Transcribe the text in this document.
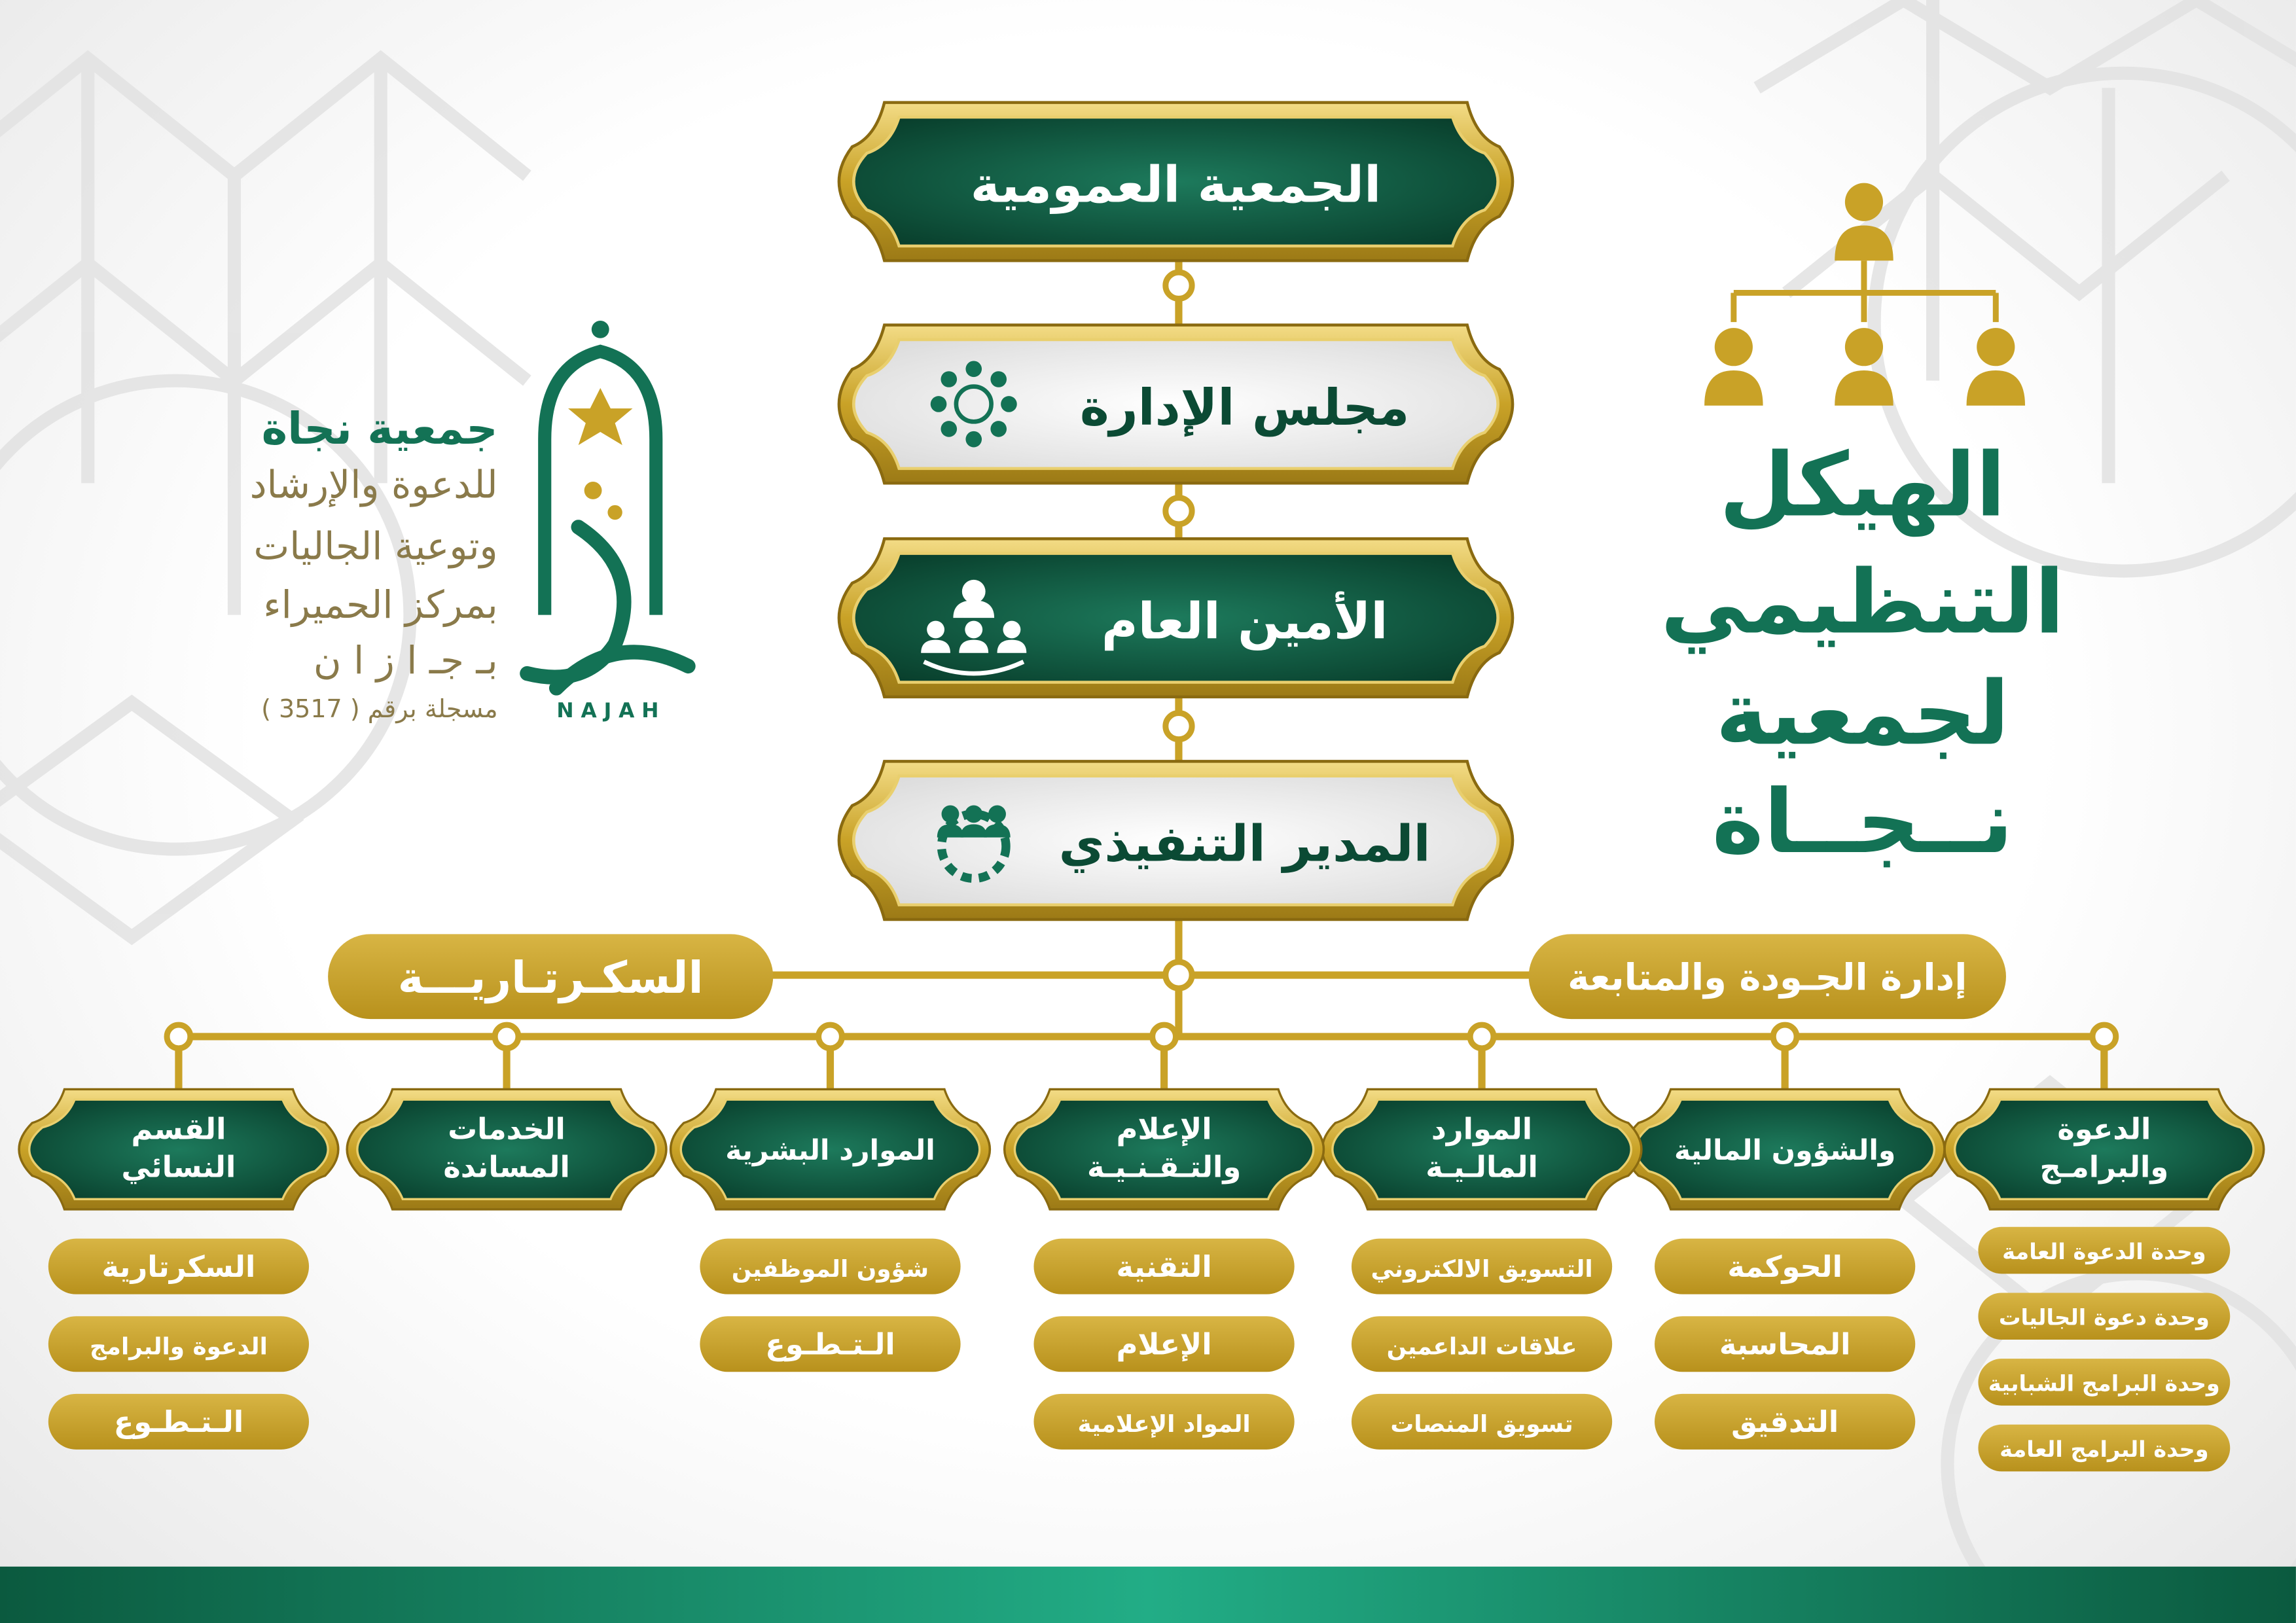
الجمعية العمومية
مجلس الإدارة
الأمين العام
المدير التنفيذي
السكـرتـاريـــة	إدارة الجـودة والمتابعة
الدعوة
والبرامـج
وحدة الدعوة العامة
وحدة دعوة الجاليات
وحدة البرامج الشبابية
وحدة البرامج العامة
والشؤون المالية
الحوكمة
المحاسبة
التدقيق
الموارد
المالـيـة
التسويق الالكتروني
علاقات الداعمين
تسويق المنصات
الإعلام
والتـقـنـيـة
التقنية
الإعلام
المواد الإعلامية
الموارد البشرية
شؤون الموظفين
الـتـطـوع
الخدمات
المساندة
القسم
النسائي
السكرتارية
الدعوة والبرامج
الـتـطـوع
الهيكل
التنظيمي
لجمعية
نــجــاة
N A J A H
جمعية نجاة
للدعوة والإرشاد
وتوعية الجاليات
بمركز الحميراء
بـ جـ ا ز ا ن
مسجلة برقم ( 3517 )
